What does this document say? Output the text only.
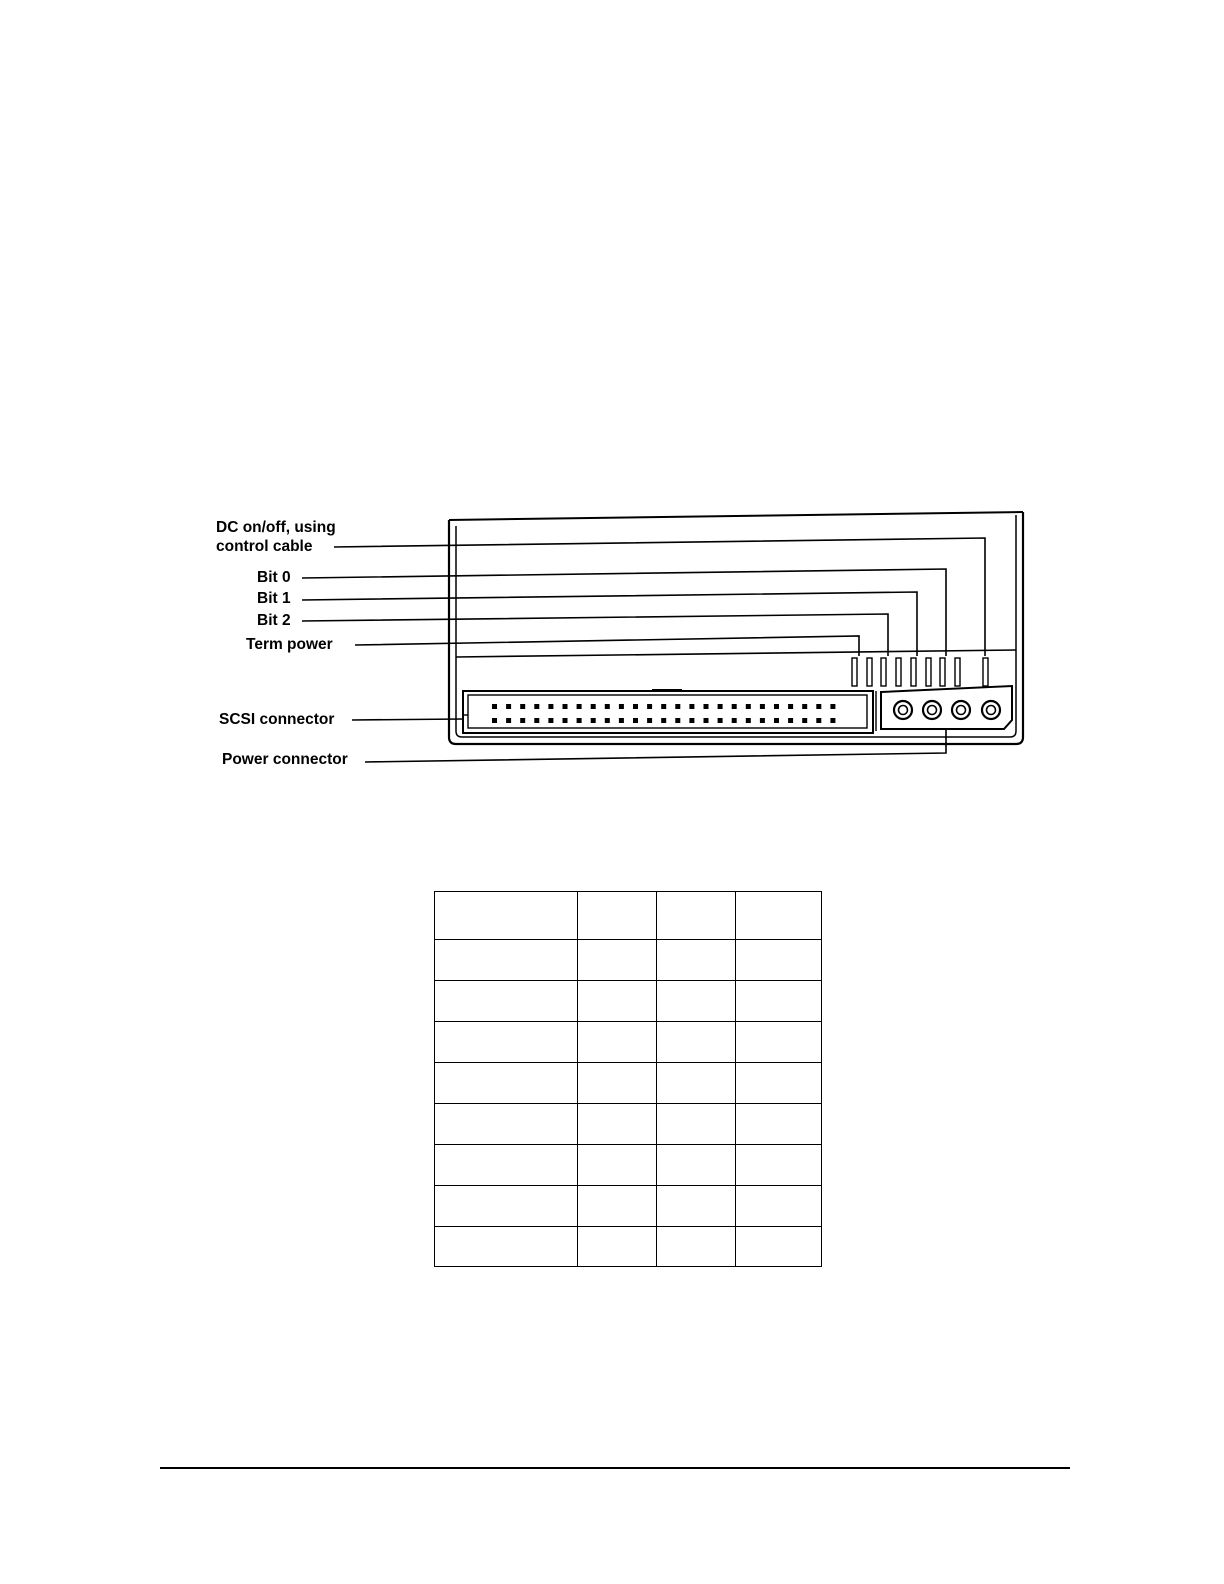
DC on/off, using
control cable
Bit 0
Bit 1
Bit 2
Term power
SCSI connector
Power connector
